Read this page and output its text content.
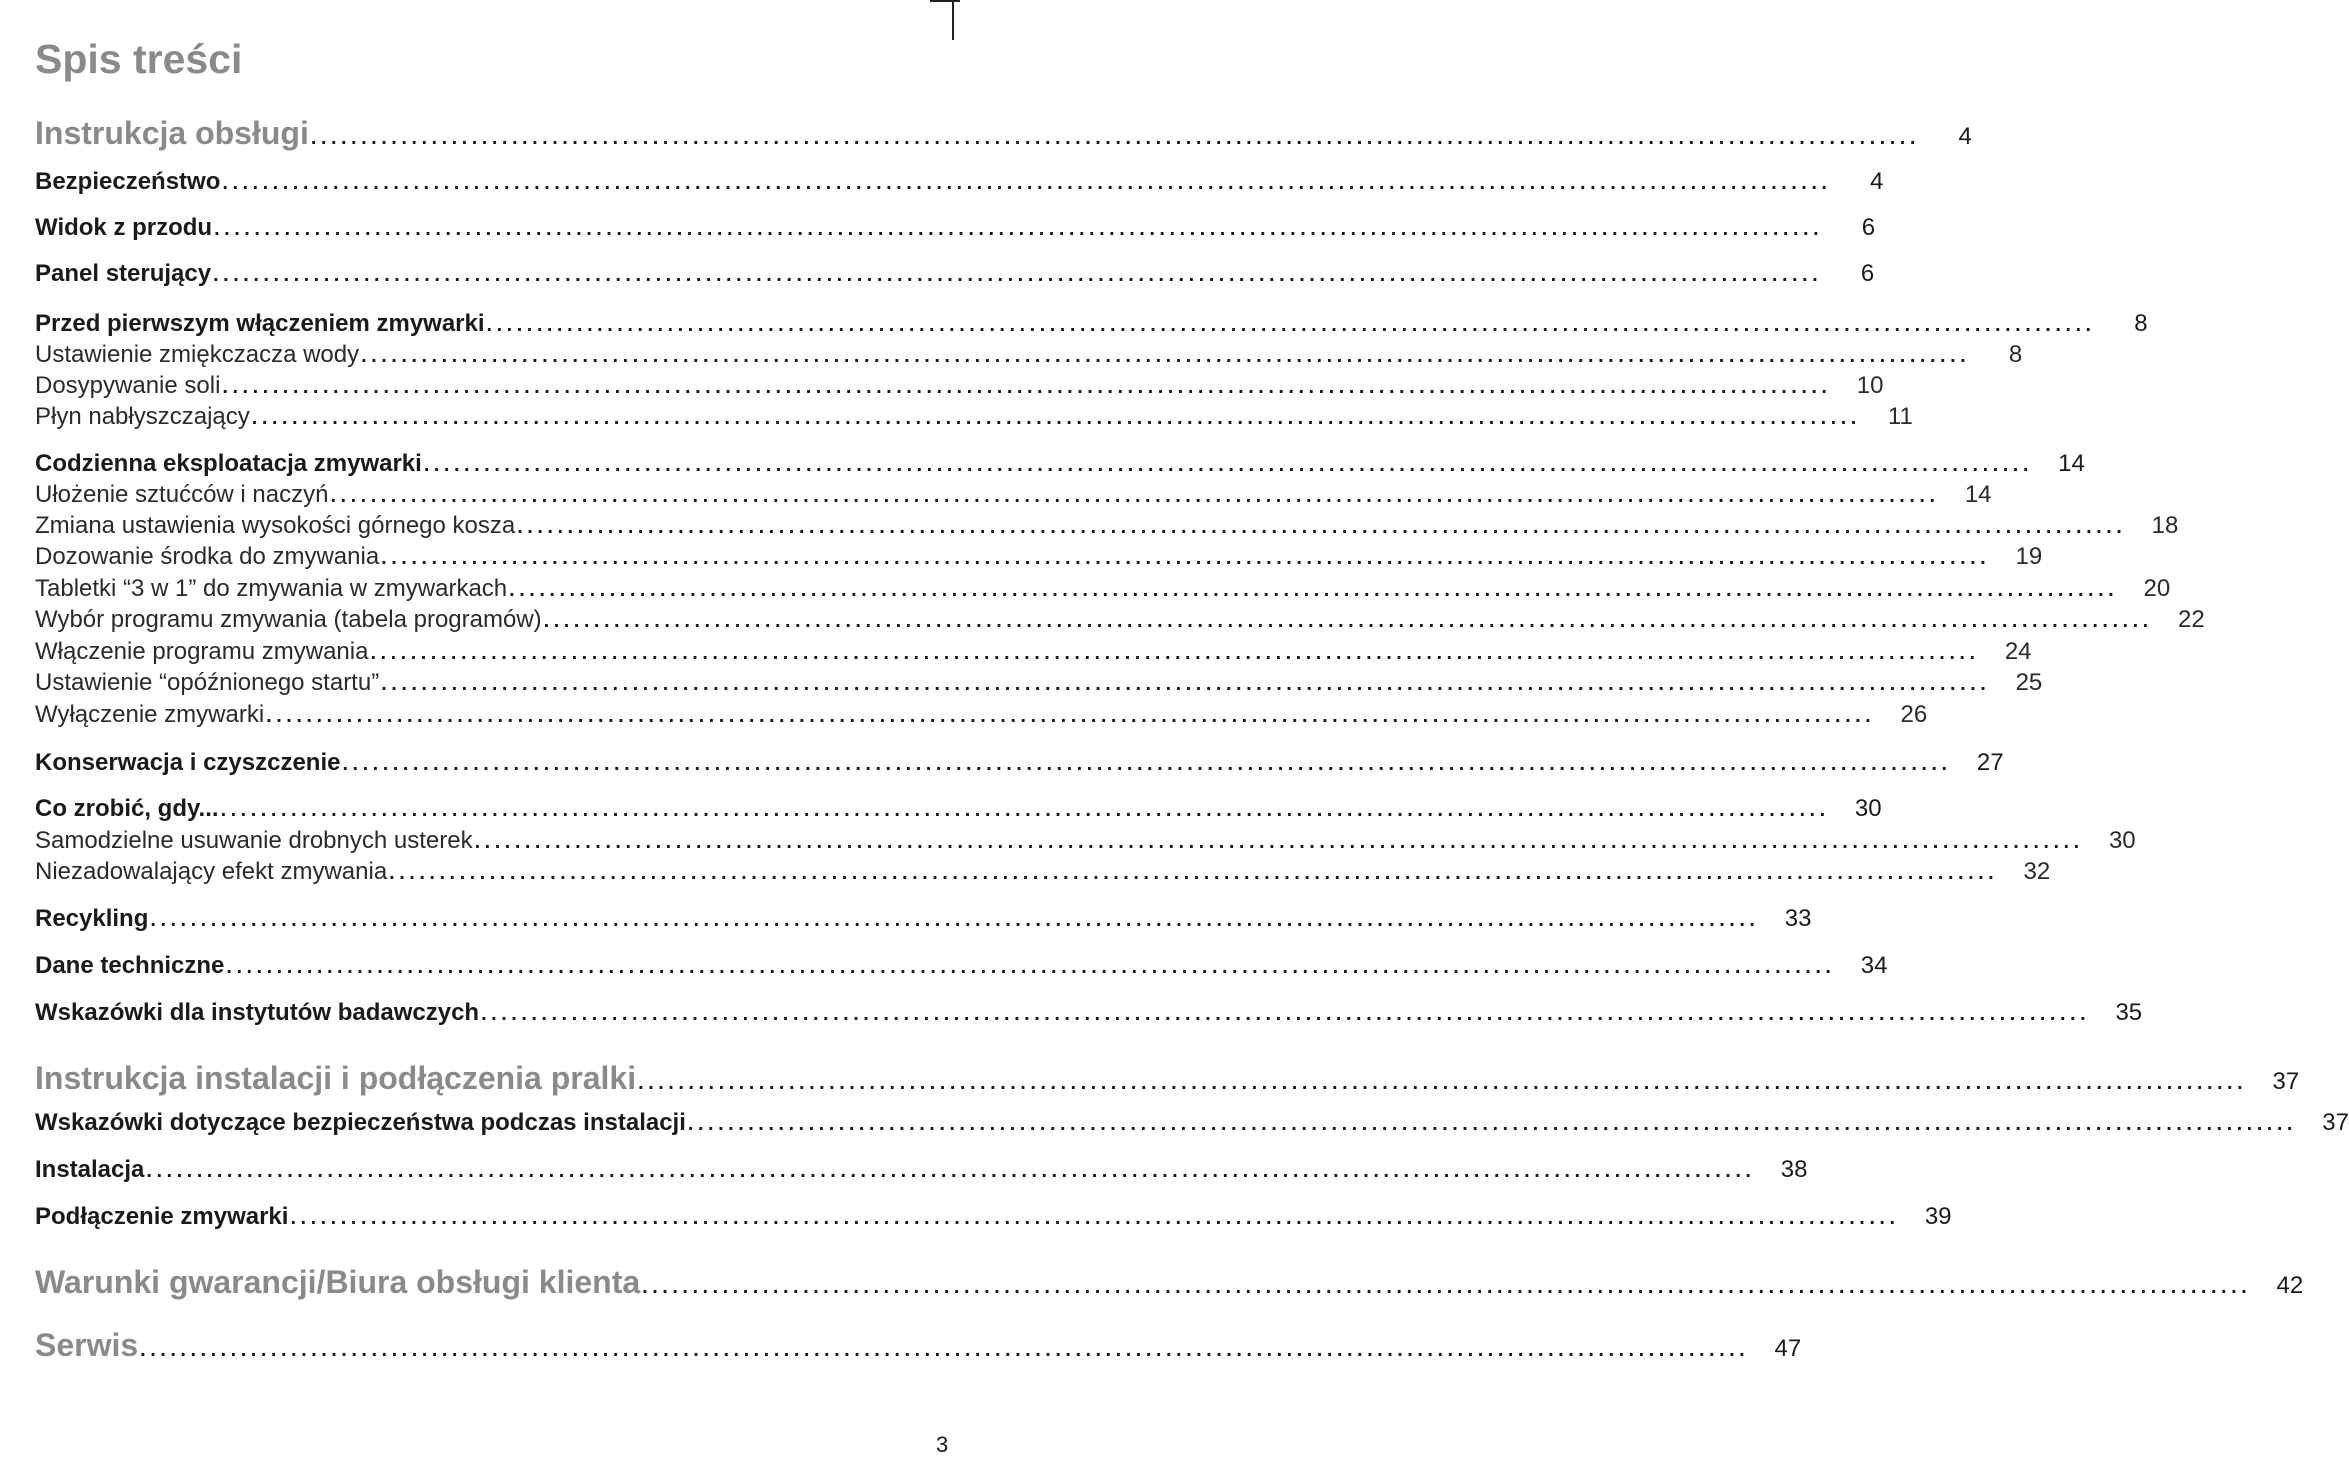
Spis treści
Instrukcja obsługi ................................................................................................................................................................	4
Bezpieczeństwo ................................................................................................................................................................	4
Widok z przodu ................................................................................................................................................................	6
Panel sterujący ................................................................................................................................................................	6
Przed pierwszym włączeniem zmywarki ................................................................................................................................................................	8
Ustawienie zmiękczacza wody ................................................................................................................................................................	8
Dosypywanie soli ................................................................................................................................................................	10
Płyn nabłyszczający ................................................................................................................................................................	11
Codzienna eksploatacja zmywarki ................................................................................................................................................................	14
Ułożenie sztućców i naczyń ................................................................................................................................................................	14
Zmiana ustawienia wysokości górnego kosza ................................................................................................................................................................	18
Dozowanie środka do zmywania ................................................................................................................................................................	19
Tabletki “3 w 1” do zmywania w zmywarkach ................................................................................................................................................................	20
Wybór programu zmywania (tabela programów) ................................................................................................................................................................	22
Włączenie programu zmywania ................................................................................................................................................................	24
Ustawienie “opóźnionego startu” ................................................................................................................................................................	25
Wyłączenie zmywarki ................................................................................................................................................................	26
Konserwacja i czyszczenie ................................................................................................................................................................	27
Co zrobić, gdy... ................................................................................................................................................................	30
Samodzielne usuwanie drobnych usterek ................................................................................................................................................................	30
Niezadowalający efekt zmywania ................................................................................................................................................................	32
Recykling ................................................................................................................................................................	33
Dane techniczne ................................................................................................................................................................	34
Wskazówki dla instytutów badawczych ................................................................................................................................................................	35
Instrukcja instalacji i podłączenia pralki ................................................................................................................................................................	37
Wskazówki dotyczące bezpieczeństwa podczas instalacji ................................................................................................................................................................	37
Instalacja ................................................................................................................................................................	38
Podłączenie zmywarki ................................................................................................................................................................	39
Warunki gwarancji/Biura obsługi klienta ................................................................................................................................................................	42
Serwis ................................................................................................................................................................	47
3
